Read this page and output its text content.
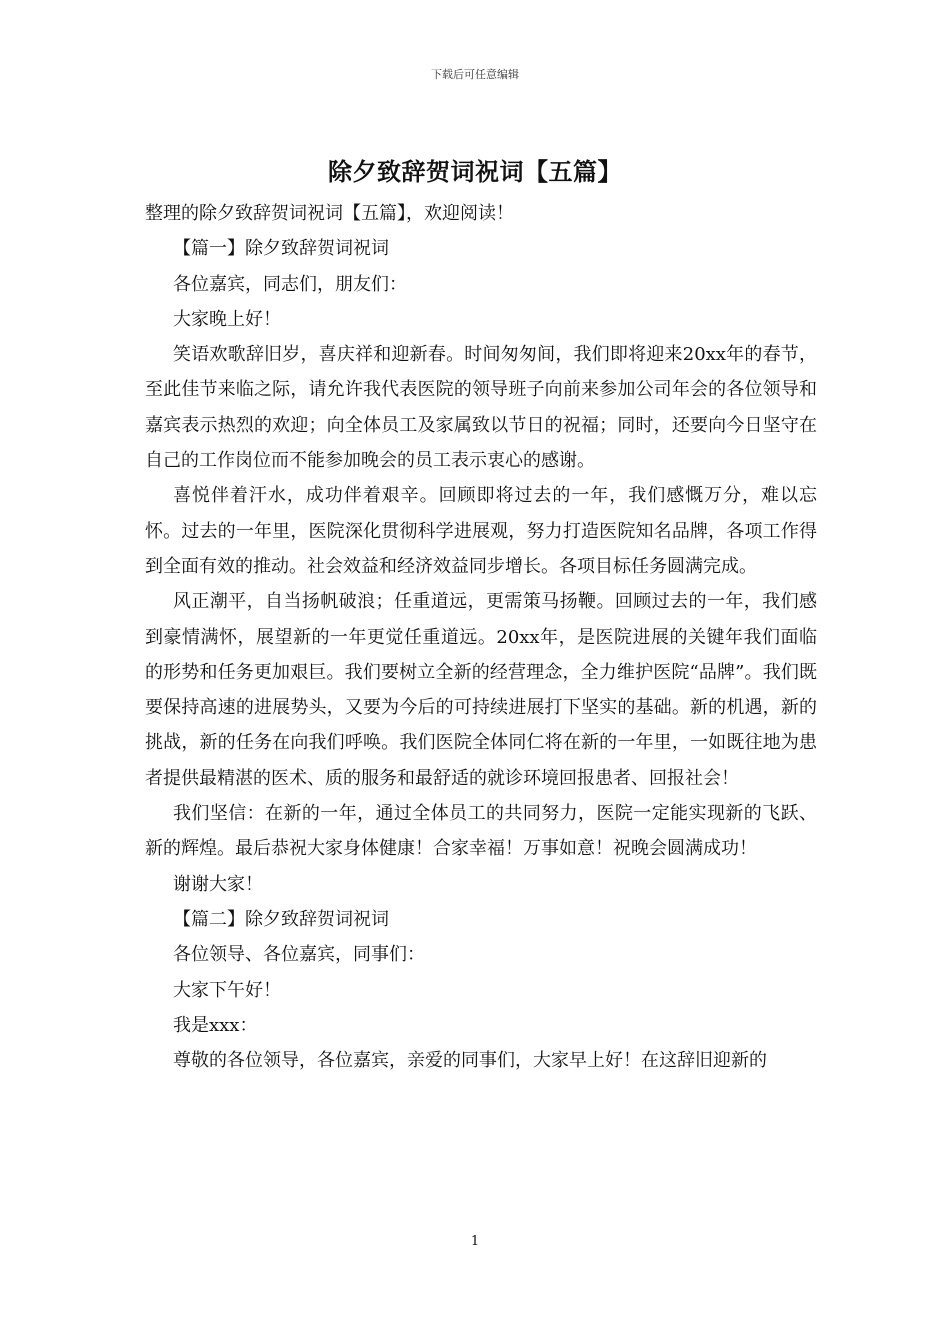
下载后可任意编辑
除夕致辞贺词祝词【五篇】

整理的除夕致辞贺词祝词【五篇】，欢迎阅读！

【篇一】除夕致辞贺词祝词

各位嘉宾，同志们，朋友们：

大家晚上好！

笑语欢歌辞旧岁，喜庆祥和迎新春。时间匆匆间，我们即将迎来20xx年的春节，至此佳节来临之际，请允许我代表医院的领导班子向前来参加公司年会的各位领导和嘉宾表示热烈的欢迎；向全体员工及家属致以节日的祝福；同时，还要向今日坚守在自己的工作岗位而不能参加晚会的员工表示衷心的感谢。

喜悦伴着汗水，成功伴着艰辛。回顾即将过去的一年，我们感慨万分，难以忘怀。过去的一年里，医院深化贯彻科学进展观，努力打造医院知名品牌，各项工作得到全面有效的推动。社会效益和经济效益同步增长。各项目标任务圆满完成。

风正潮平，自当扬帆破浪；任重道远，更需策马扬鞭。回顾过去的一年，我们感到豪情满怀，展望新的一年更觉任重道远。20xx年，是医院进展的关键年我们面临的形势和任务更加艰巨。我们要树立全新的经营理念，全力维护医院“品牌”。我们既要保持高速的进展势头，又要为今后的可持续进展打下坚实的基础。新的机遇，新的挑战，新的任务在向我们呼唤。我们医院全体同仁将在新的一年里，一如既往地为患者提供最精湛的医术、质的服务和最舒适的就诊环境回报患者、回报社会！

我们坚信：在新的一年，通过全体员工的共同努力，医院一定能实现新的飞跃、新的辉煌。最后恭祝大家身体健康！合家幸福！万事如意！祝晚会圆满成功！

谢谢大家！

【篇二】除夕致辞贺词祝词

各位领导、各位嘉宾，同事们：

大家下午好！

我是xxx：

尊敬的各位领导，各位嘉宾，亲爱的同事们，大家早上好！在这辞旧迎新的

1
